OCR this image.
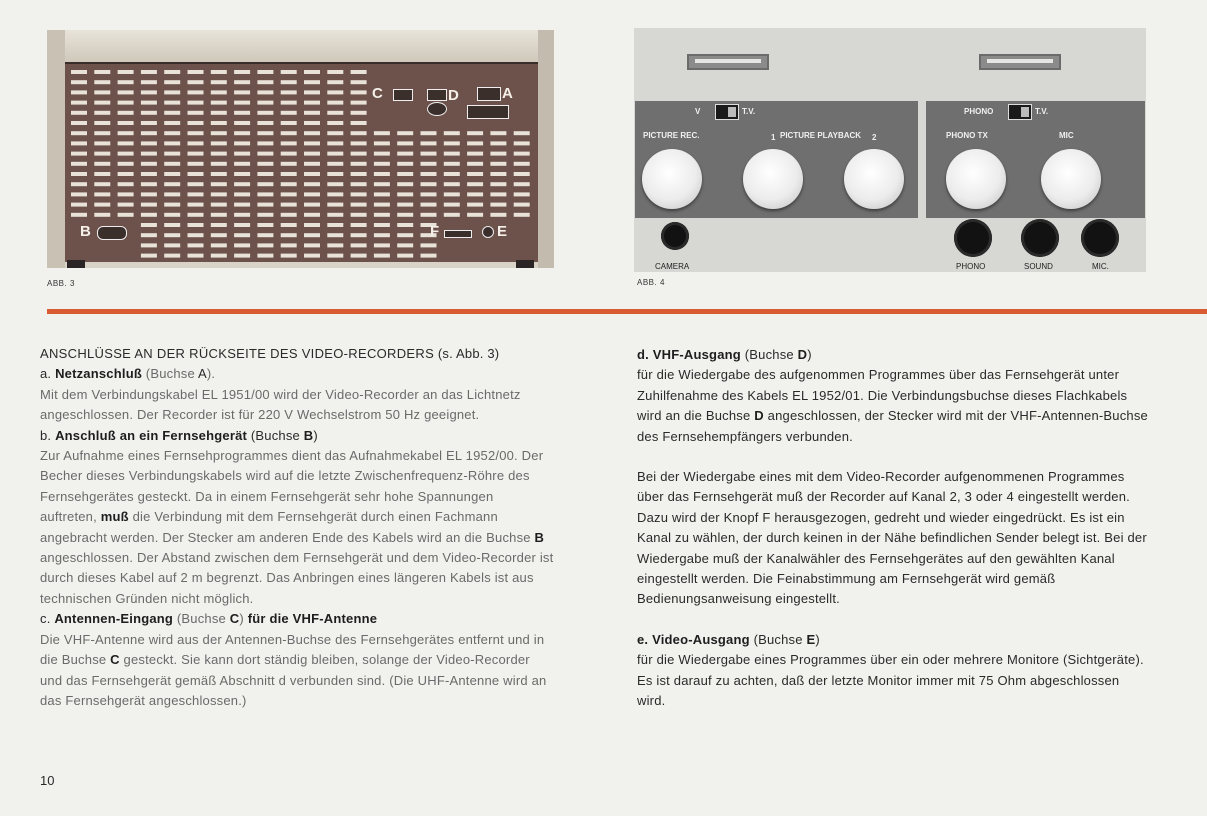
C	D	A
B	F	E
ABB. 3
V	T.V.
PICTURE REC.	1 PICTURE PLAYBACK 2
PHONO	T.V.
PHONO TX	MIC
CAMERA	PHONO	SOUND	MIC.
ABB. 4

ANSCHLÜSSE AN DER RÜCKSEITE DES VIDEO-RECORDERS (s. Abb. 3)

a. Netzanschluß (Buchse A).

Mit dem Verbindungskabel EL 1951/00 wird der Video-Recorder an das Lichtnetz angeschlossen. Der Recorder ist für 220 V Wechselstrom 50 Hz geeignet.

b. Anschluß an ein Fernsehgerät (Buchse B)

Zur Aufnahme eines Fernsehprogrammes dient das Aufnahmekabel EL 1952/00. Der Becher dieses Verbindungskabels wird auf die letzte Zwischenfrequenz-Röhre des Fernsehgerätes gesteckt. Da in einem Fernsehgerät sehr hohe Spannungen auftreten, muß die Verbindung mit dem Fernsehgerät durch einen Fachmann angebracht werden. Der Stecker am anderen Ende des Kabels wird an die Buchse B angeschlossen. Der Abstand zwischen dem Fernsehgerät und dem Video-Recorder ist durch dieses Kabel auf 2 m begrenzt. Das Anbringen eines längeren Kabels ist aus technischen Gründen nicht möglich.

c. Antennen-Eingang (Buchse C) für die VHF-Antenne

Die VHF-Antenne wird aus der Antennen-Buchse des Fernsehgerätes entfernt und in die Buchse C gesteckt. Sie kann dort ständig bleiben, solange der Video-Recorder und das Fernsehgerät gemäß Abschnitt d verbunden sind. (Die UHF-Antenne wird an das Fernsehgerät angeschlossen.)

d. VHF-Ausgang (Buchse D)

für die Wiedergabe des aufgenommen Programmes über das Fernsehgerät unter Zuhilfenahme des Kabels EL 1952/01. Die Verbindungsbuchse dieses Flachkabels wird an die Buchse D angeschlossen, der Stecker wird mit der VHF-Antennen-Buchse des Fernsehempfängers verbunden.

Bei der Wiedergabe eines mit dem Video-Recorder aufgenommenen Programmes über das Fernsehgerät muß der Recorder auf Kanal 2, 3 oder 4 eingestellt werden. Dazu wird der Knopf F herausgezogen, gedreht und wieder eingedrückt. Es ist ein Kanal zu wählen, der durch keinen in der Nähe befindlichen Sender belegt ist. Bei der Wiedergabe muß der Kanalwähler des Fernsehgerätes auf den gewählten Kanal eingestellt werden. Die Feinabstimmung am Fernsehgerät wird gemäß Bedienungsanweisung eingestellt.

e. Video-Ausgang (Buchse E)

für die Wiedergabe eines Programmes über ein oder mehrere Monitore (Sichtgeräte).

Es ist darauf zu achten, daß der letzte Monitor immer mit 75 Ohm abgeschlossen wird.

10
